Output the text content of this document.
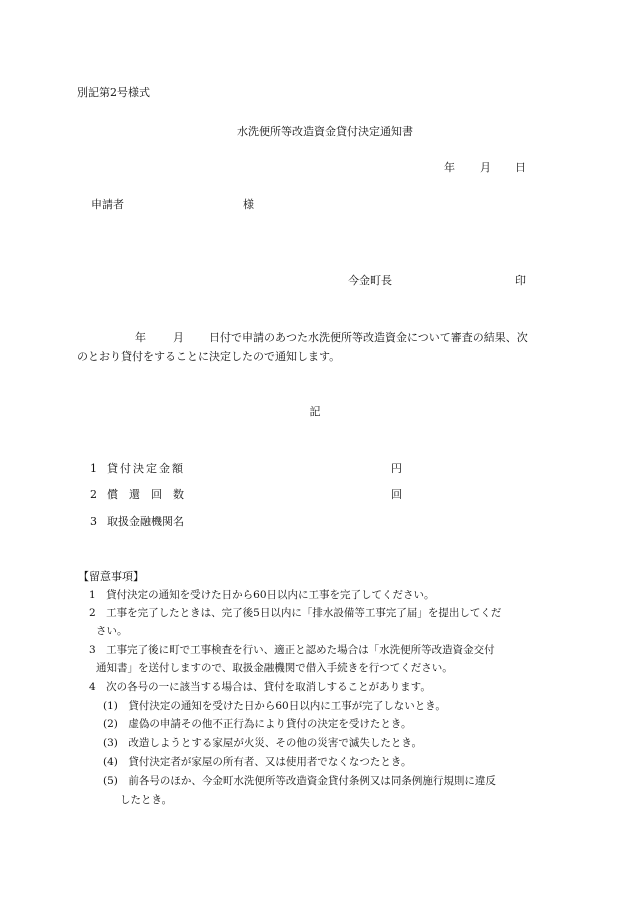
別記第2号様式
水洗便所等改造資金貸付決定通知書
年 月 日
申請者	様
今金町長	印
年 月 日付で申請のあつた水洗便所等改造資金について審査の結果、次
のとおり貸付をすることに決定したので通知します。
記
1 貸付決定金額	円
2 償　還　回　数	回
3 取扱金融機関名
【留意事項】
1　貸付決定の通知を受けた日から60日以内に工事を完了してください。
2　工事を完了したときは、完了後5日以内に「排水設備等工事完了届」を提出してくだ
さい。
3　工事完了後に町で工事検査を行い、適正と認めた場合は「水洗便所等改造資金交付
通知書」を送付しますので、取扱金融機関で借入手続きを行つてください。
4　次の各号の一に該当する場合は、貸付を取消しすることがあります。
(1)　貸付決定の通知を受けた日から60日以内に工事が完了しないとき。
(2)　虚偽の申請その他不正行為により貸付の決定を受けたとき。
(3)　改造しようとする家屋が火災、その他の災害で滅失したとき。
(4)　貸付決定者が家屋の所有者、又は使用者でなくなつたとき。
(5)　前各号のほか、今金町水洗便所等改造資金貸付条例又は同条例施行規則に違反
したとき。
